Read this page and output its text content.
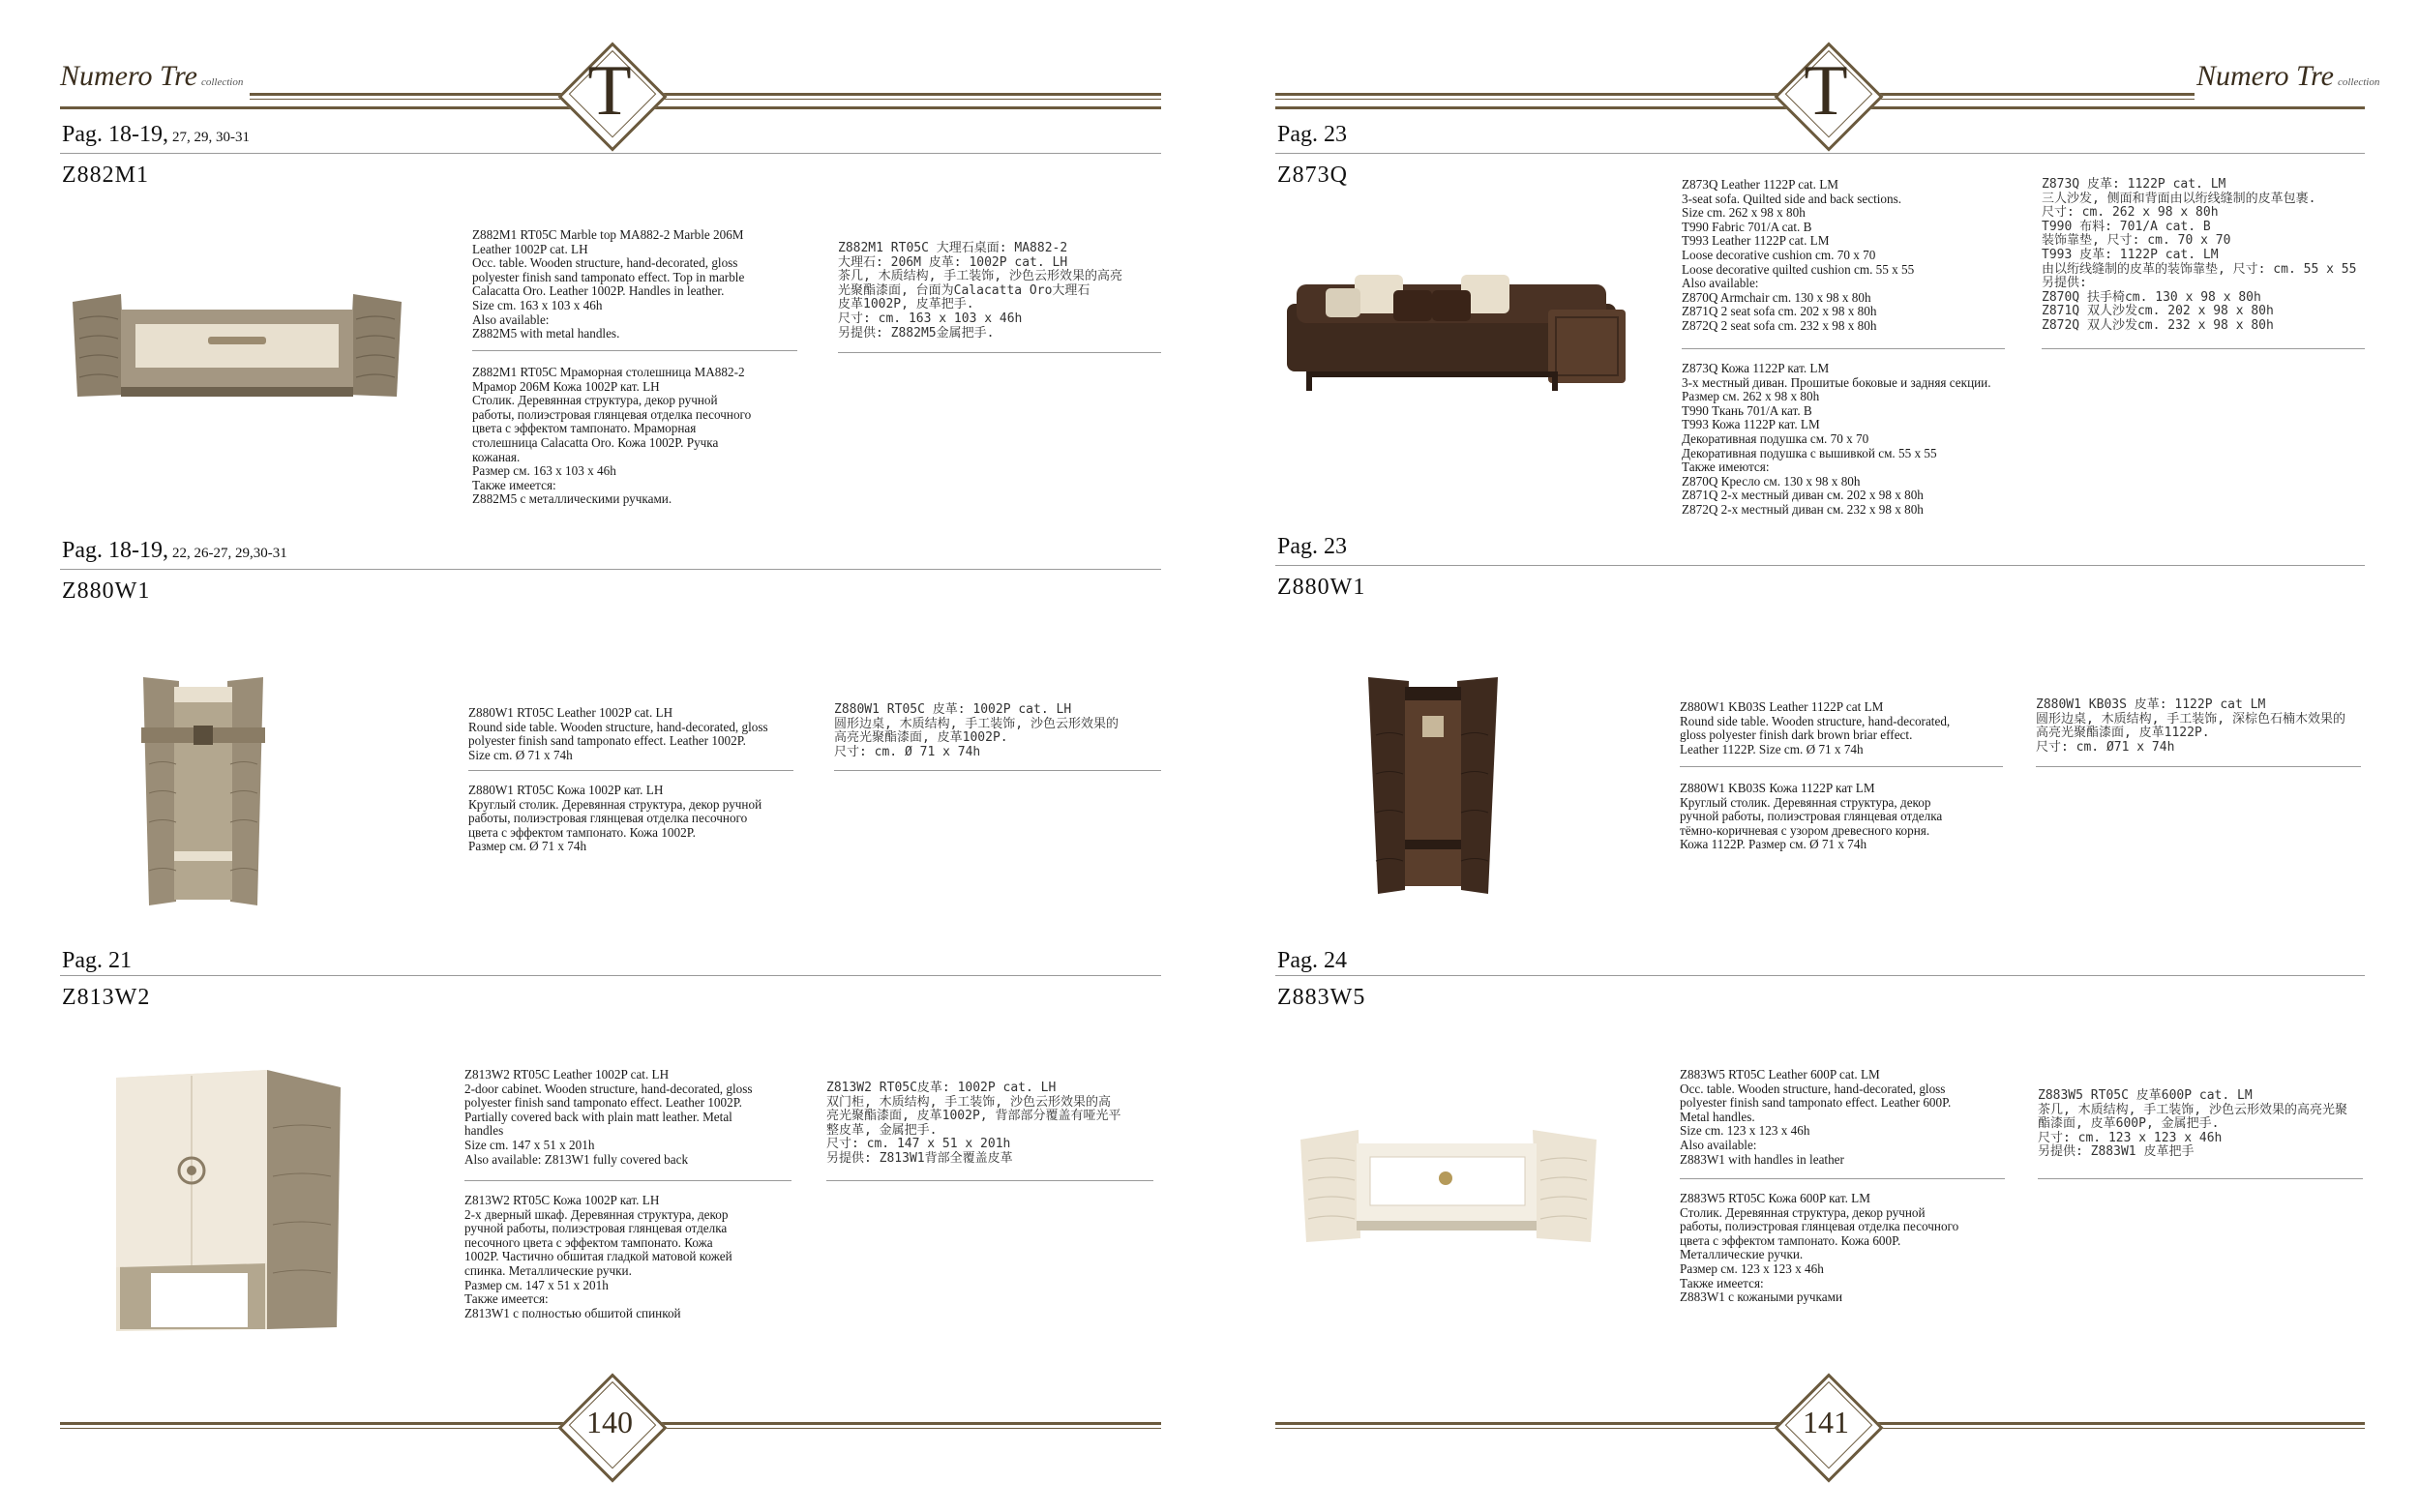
Numero Tre collection	T
Pag. 18-19, 27, 29, 30-31
Z882M1
Z882M1 RT05C Marble top MA882-2 Marble 206M
Leather 1002P cat. LH
Occ. table. Wooden structure, hand-decorated, gloss
polyester finish sand tamponato effect. Top in marble
Calacatta Oro. Leather 1002P. Handles in leather.
Size cm. 163 x 103 x 46h
Also available:
Z882M5 with metal handles.
Z882M1 RT05C Мраморная столешница MA882-2
Мрамор 206M Кожа 1002P кат. LH
Столик. Деревянная структура, декор ручной
работы, полиэстровая глянцевая отделка песочного
цвета с эффектом тампонато. Мраморная
столешница Calacatta Oro. Кожа 1002P. Ручка
кожаная.
Размер см. 163 x 103 x 46h
Также имеется:
Z882M5 с металлическими ручками.
Z882M1 RT05C 大理石桌面: MA882-2
大理石: 206M 皮革: 1002P cat. LH
茶几, 木质结构, 手工装饰, 沙色云形效果的高亮
光聚酯漆面, 台面为Calacatta Oro大理石
皮革1002P, 皮革把手.
尺寸: cm. 163 x 103 x 46h
另提供: Z882M5金属把手.
Pag. 18-19, 22, 26-27, 29,30-31
Z880W1
Z880W1 RT05C Leather 1002P cat. LH
Round side table. Wooden structure, hand-decorated, gloss
polyester finish sand tamponato effect. Leather 1002P.
Size cm. Ø 71 x 74h
Z880W1 RT05C Кожа 1002P кат. LH
Круглый столик. Деревянная структура, декор ручной
работы, полиэстровая глянцевая отделка песочного
цвета с эффектом тампонато. Кожа 1002P.
Размер см. Ø 71 x 74h
Z880W1 RT05C 皮革: 1002P cat. LH
圆形边桌, 木质结构, 手工装饰, 沙色云形效果的
高亮光聚酯漆面, 皮革1002P.
尺寸: cm. Ø 71 x 74h
Pag. 21
Z813W2
Z813W2 RT05C Leather 1002P cat. LH
2-door cabinet. Wooden structure, hand-decorated, gloss
polyester finish sand tamponato effect. Leather 1002P.
Partially covered back with plain matt leather. Metal
handles
Size cm. 147 x 51 x 201h
Also available: Z813W1 fully covered back
Z813W2 RT05C Кожа 1002P кат. LH
2-х дверный шкаф. Деревянная структура, декор
ручной работы, полиэстровая глянцевая отделка
песочного цвета с эффектом тампонато. Кожа
1002P. Частично обшитая гладкой матовой кожей
спинка. Металлические ручки.
Размер см. 147 x 51 x 201h
Также имеется:
Z813W1 с полностью обшитой спинкой
Z813W2 RT05C皮革: 1002P cat. LH
双门柜, 木质结构, 手工装饰, 沙色云形效果的高
亮光聚酯漆面, 皮革1002P, 背部部分覆盖有哑光平
整皮革, 金属把手.
尺寸: cm. 147 x 51 x 201h
另提供: Z813W1背部全覆盖皮革
140
T	Numero Tre collection
Pag. 23
Z873Q	Z873Q Leather 1122P cat. LM
3-seat sofa. Quilted side and back sections.
Size cm. 262 x 98 x 80h
T990 Fabric 701/A cat. B
T993 Leather 1122P cat. LM
Loose decorative cushion cm. 70 x 70
Loose decorative quilted cushion cm. 55 x 55
Also available:
Z870Q Armchair cm. 130 x 98 x 80h
Z871Q 2 seat sofa cm. 202 x 98 x 80h
Z872Q 2 seat sofa cm. 232 x 98 x 80h
Z873Q Кожа 1122P кат. LM
3-х местный диван. Прошитые боковые и задняя секции.
Размер см. 262 x 98 x 80h
T990 Ткань 701/A кат. B
T993 Кожа 1122P кат. LM
Декоративная подушка см. 70 x 70
Декоративная подушка с вышивкой см. 55 x 55
Также имеются:
Z870Q Кресло см. 130 x 98 x 80h
Z871Q 2-х местный диван см. 202 x 98 x 80h
Z872Q 2-х местный диван см. 232 x 98 x 80h
Z873Q 皮革: 1122P cat. LM
三人沙发, 侧面和背面由以绗线缝制的皮革包裹.
尺寸: cm. 262 x 98 x 80h
T990 布料: 701/A cat. B
装饰靠垫, 尺寸: cm. 70 x 70
T993 皮革: 1122P cat. LM
由以绗线缝制的皮革的装饰靠垫, 尺寸: cm. 55 x 55
另提供:
Z870Q 扶手椅cm. 130 x 98 x 80h
Z871Q 双人沙发cm. 202 x 98 x 80h
Z872Q 双人沙发cm. 232 x 98 x 80h
Pag. 23
Z880W1
Z880W1 KB03S Leather 1122P cat LM
Round side table. Wooden structure, hand-decorated,
gloss polyester finish dark brown briar effect.
Leather 1122P. Size cm. Ø 71 x 74h
Z880W1 KB03S Кожа 1122P кат LM
Круглый столик. Деревянная структура, декор
ручной работы, полиэстровая глянцевая отделка
тёмно-коричневая с узором древесного корня.
Кожа 1122P. Размер см. Ø 71 x 74h
Z880W1 KB03S 皮革: 1122P cat LM
圆形边桌, 木质结构, 手工装饰, 深棕色石楠木效果的
高亮光聚酯漆面, 皮革1122P.
尺寸: cm. Ø71 x 74h
Pag. 24
Z883W5
Z883W5 RT05C Leather 600P cat. LM
Occ. table. Wooden structure, hand-decorated, gloss
polyester finish sand tamponato effect. Leather 600P.
Metal handles.
Size cm. 123 x 123 x 46h
Also available:
Z883W1 with handles in leather
Z883W5 RT05C Кожа 600P кат. LM
Столик. Деревянная структура, декор ручной
работы, полиэстровая глянцевая отделка песочного
цвета с эффектом тампонато. Кожа 600P.
Металлические ручки.
Размер см. 123 x 123 x 46h
Также имеется:
Z883W1 с кожаными ручками
Z883W5 RT05C 皮革600P cat. LM
茶几, 木质结构, 手工装饰, 沙色云形效果的高亮光聚
酯漆面, 皮革600P, 金属把手.
尺寸: cm. 123 x 123 x 46h
另提供: Z883W1 皮革把手
141
